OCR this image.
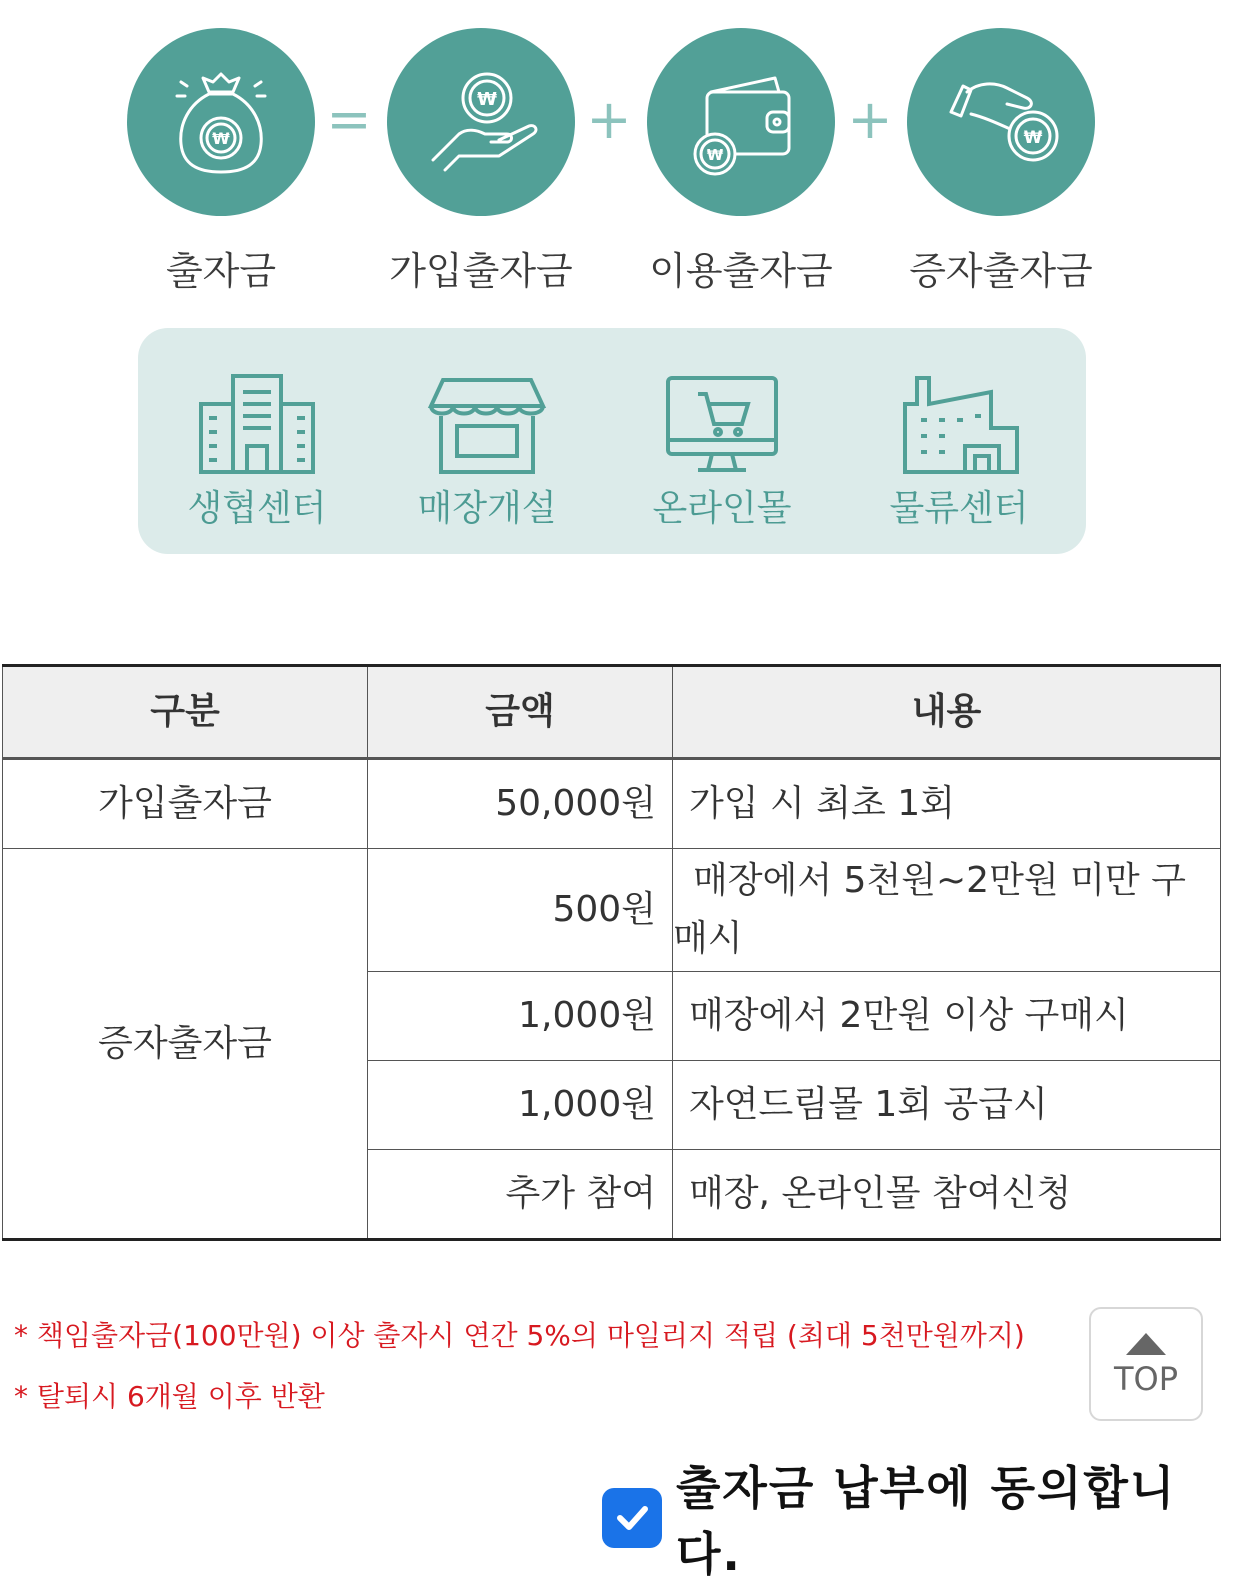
₩ =	₩ +
₩
+	₩
출자금	가입출자금	이용출자금	증자출자금
생협센터	매장개설	온라인몰	물류센터
구분	금액	내용
가입출자금	50,000원	가입 시 최초 1회
증자출자금	500원	매장에서 5천원~2만원 미만 구
매시

	1,000원	매장에서 2만원 이상 구매시
	1,000원	자연드림몰 1회 공급시
	추가 참여	매장, 온라인몰 참여신청
* 책임출자금(100만원) 이상 출자시 연간 5%의 마일리지 적립 (최대 5천만원까지)
* 탈퇴시 6개월 이후 반환	TOP
출자금 납부에 동의합니다.
